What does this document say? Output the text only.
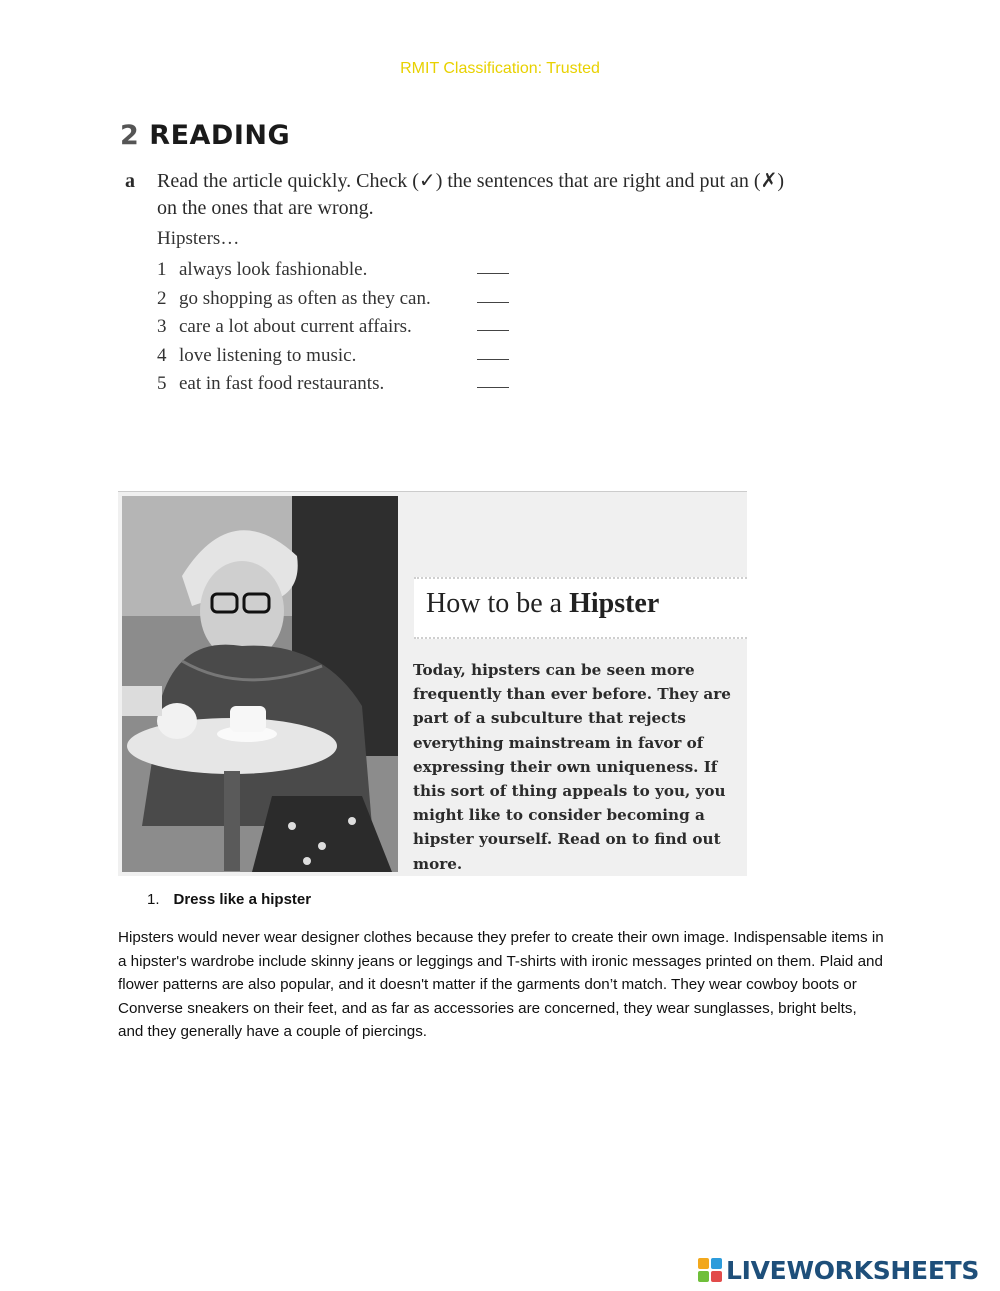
RMIT Classification: Trusted
2 READING
a Read the article quickly. Check (✓) the sentences that are right and put an (✗) on the ones that are wrong.
Hipsters…
1 always look fashionable.
2 go shopping as often as they can.
3 care a lot about current affairs.
4 love listening to music.
5 eat in fast food restaurants.
How to be a Hipster
Today, hipsters can be seen more frequently than ever before. They are part of a subculture that rejects everything mainstream in favor of expressing their own uniqueness. If this sort of thing appeals to you, you might like to consider becoming a hipster yourself. Read on to find out more.
1. Dress like a hipster
Hipsters would never wear designer clothes because they prefer to create their own image. Indispensable items in a hipster's wardrobe include skinny jeans or leggings and T-shirts with ironic messages printed on them. Plaid and flower patterns are also popular, and it doesn't matter if the garments don’t match. They wear cowboy boots or Converse sneakers on their feet, and as far as accessories are concerned, they wear sunglasses, bright belts, and they generally have a couple of piercings.
LIVEWORKSHEETS
